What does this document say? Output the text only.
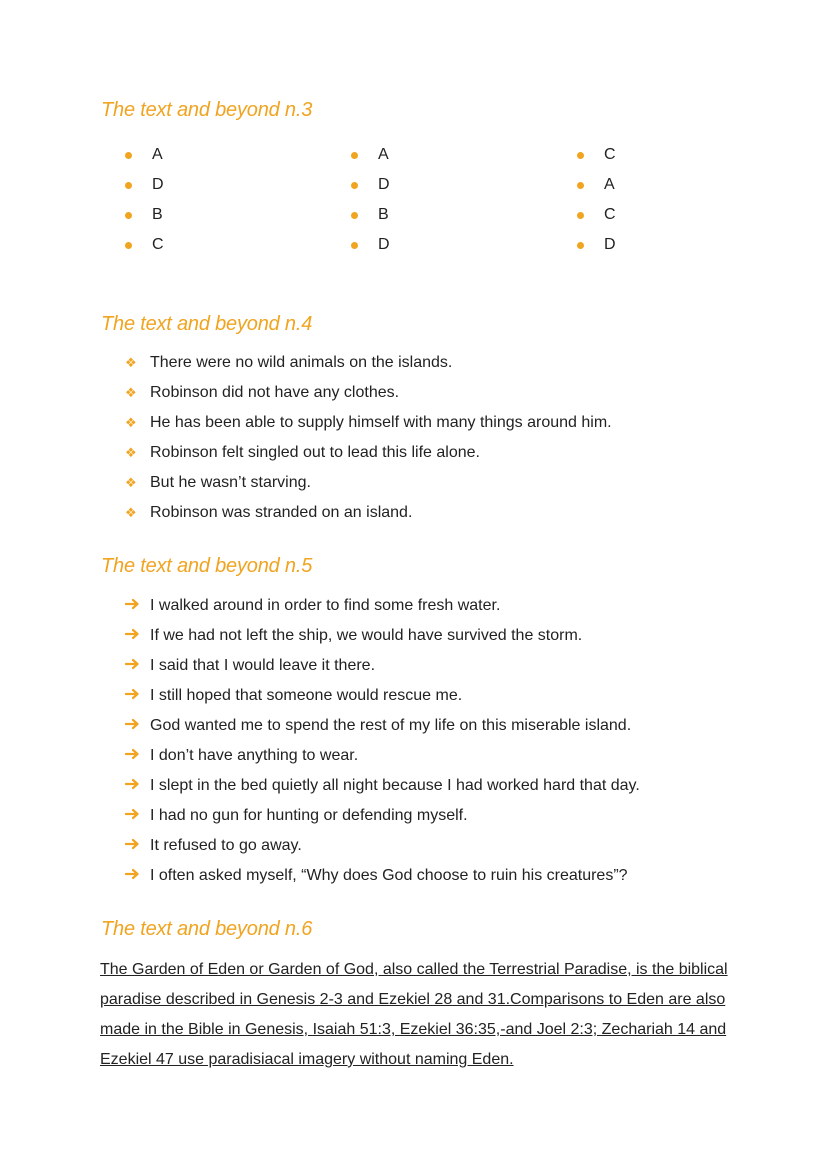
The text and beyond n.3
A
D
B
C
A
D
B
D
C
A
C
D
The text and beyond n.4
❖ There were no wild animals on the islands.
❖ Robinson did not have any clothes.
❖ He has been able to supply himself with many things around him.
❖ Robinson felt singled out to lead this life alone.
❖ But he wasn’t starving.
❖ Robinson was stranded on an island.
The text and beyond n.5
I walked around in order to find some fresh water.
If we had not left the ship, we would have survived the storm.
I said that I would leave it there.
I still hoped that someone would rescue me.
God wanted me to spend the rest of my life on this miserable island.
I don’t have anything to wear.
I slept in the bed quietly all night because I had worked hard that day.
I had no gun for hunting or defending myself.
It refused to go away.
I often asked myself, “Why does God choose to ruin his creatures”?
The text and beyond n.6

The Garden of Eden or Garden of God, also called the Terrestrial Paradise, is the biblical paradise described in Genesis 2-3 and Ezekiel 28 and 31.Comparisons to Eden are also made in the Bible in Genesis, Isaiah 51:3, Ezekiel 36:35,-and Joel 2:3; Zechariah 14 and Ezekiel 47 use paradisiacal imagery without naming Eden.
